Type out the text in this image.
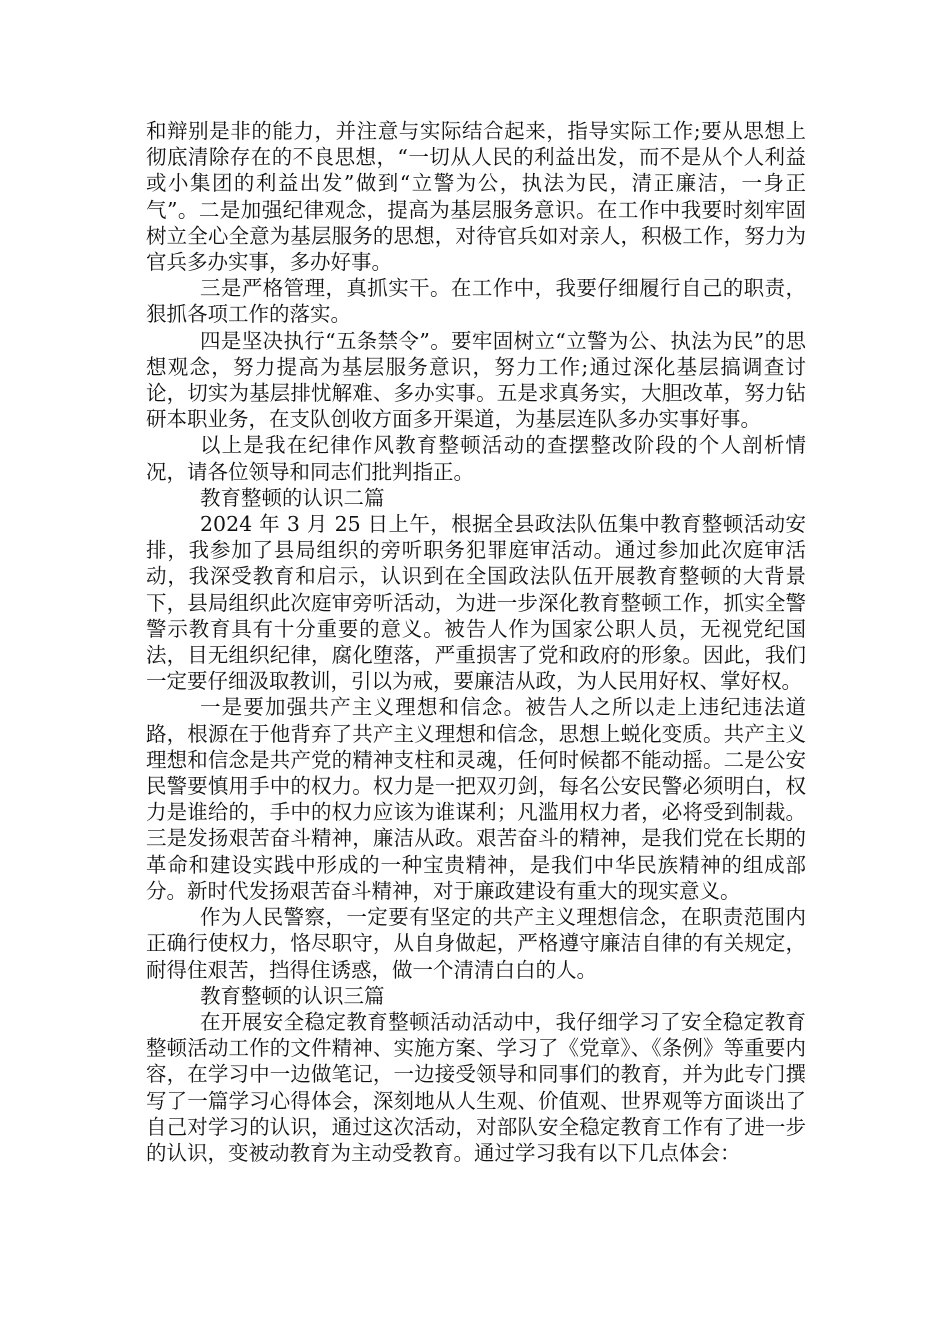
和辩别是非的能力，并注意与实际结合起来，指导实际工作;要从思想上彻底清除存在的不良思想，“一切从人民的利益出发，而不是从个人利益或小集团的利益出发”做到“立警为公，执法为民，清正廉洁，一身正气”。二是加强纪律观念，提高为基层服务意识。在工作中我要时刻牢固树立全心全意为基层服务的思想，对待官兵如对亲人，积极工作，努力为官兵多办实事，多办好事。

三是严格管理，真抓实干。在工作中，我要仔细履行自己的职责，狠抓各项工作的落实。

四是坚决执行“五条禁令”。要牢固树立“立警为公、执法为民”的思想观念，努力提高为基层服务意识，努力工作;通过深化基层搞调查讨论，切实为基层排忧解难、多办实事。五是求真务实，大胆改革，努力钻研本职业务，在支队创收方面多开渠道，为基层连队多办实事好事。

以上是我在纪律作风教育整顿活动的查摆整改阶段的个人剖析情况，请各位领导和同志们批判指正。

教育整顿的认识二篇

2024 年 3 月 25 日上午，根据全县政法队伍集中教育整顿活动安排，我参加了县局组织的旁听职务犯罪庭审活动。通过参加此次庭审活动，我深受教育和启示，认识到在全国政法队伍开展教育整顿的大背景下，县局组织此次庭审旁听活动，为进一步深化教育整顿工作，抓实全警警示教育具有十分重要的意义。被告人作为国家公职人员，无视党纪国法，目无组织纪律，腐化堕落，严重损害了党和政府的形象。因此，我们一定要仔细汲取教训，引以为戒，要廉洁从政，为人民用好权、掌好权。

一是要加强共产主义理想和信念。被告人之所以走上违纪违法道路，根源在于他背弃了共产主义理想和信念，思想上蜕化变质。共产主义理想和信念是共产党的精神支柱和灵魂，任何时候都不能动摇。二是公安民警要慎用手中的权力。权力是一把双刃剑，每名公安民警必须明白，权力是谁给的，手中的权力应该为谁谋利；凡滥用权力者，必将受到制裁。三是发扬艰苦奋斗精神，廉洁从政。艰苦奋斗的精神，是我们党在长期的革命和建设实践中形成的一种宝贵精神，是我们中华民族精神的组成部分。新时代发扬艰苦奋斗精神，对于廉政建设有重大的现实意义。

作为人民警察，一定要有坚定的共产主义理想信念，在职责范围内正确行使权力，恪尽职守，从自身做起，严格遵守廉洁自律的有关规定，耐得住艰苦，挡得住诱惑，做一个清清白白的人。

教育整顿的认识三篇

在开展安全稳定教育整顿活动活动中，我仔细学习了安全稳定教育整顿活动工作的文件精神、实施方案、学习了《党章》、《条例》等重要内容，在学习中一边做笔记，一边接受领导和同事们的教育，并为此专门撰写了一篇学习心得体会，深刻地从人生观、价值观、世界观等方面谈出了自己对学习的认识，通过这次活动，对部队安全稳定教育工作有了进一步的认识，变被动教育为主动受教育。通过学习我有以下几点体会：
